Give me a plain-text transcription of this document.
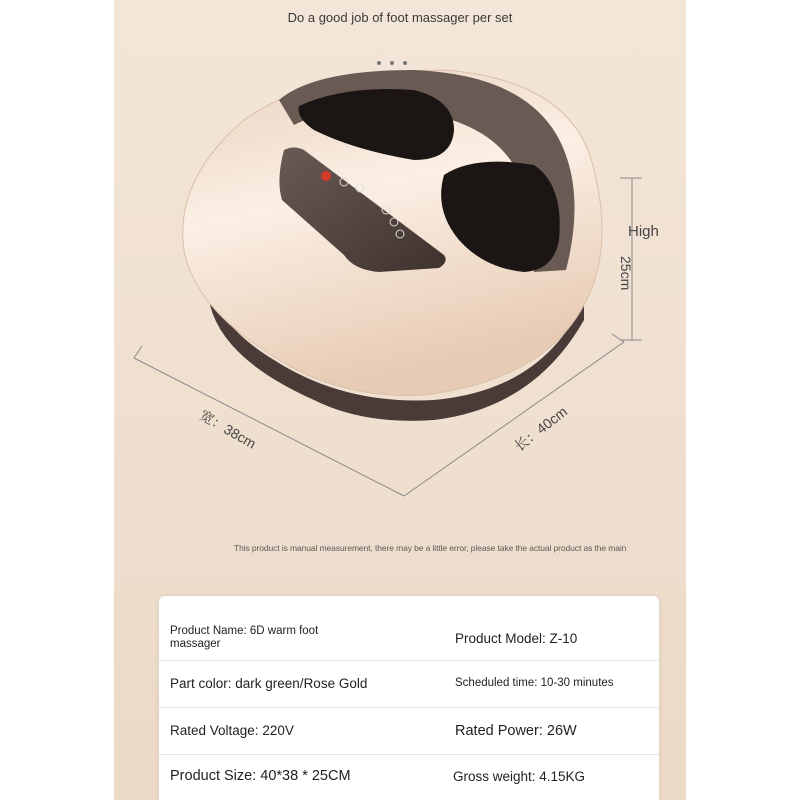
Do a good job of foot massager per set
High
25cm
宽：38cm	长：40cm
This product is manual measurement, there may be a little error, please take the actual product as the main
Product Name: 6D warm foot massager	Product Model: Z-10
Part color: dark green/Rose Gold	Scheduled time: 10-30 minutes
Rated Voltage: 220V	Rated Power: 26W
Product Size: 40*38 * 25CM	Gross weight: 4.15KG
